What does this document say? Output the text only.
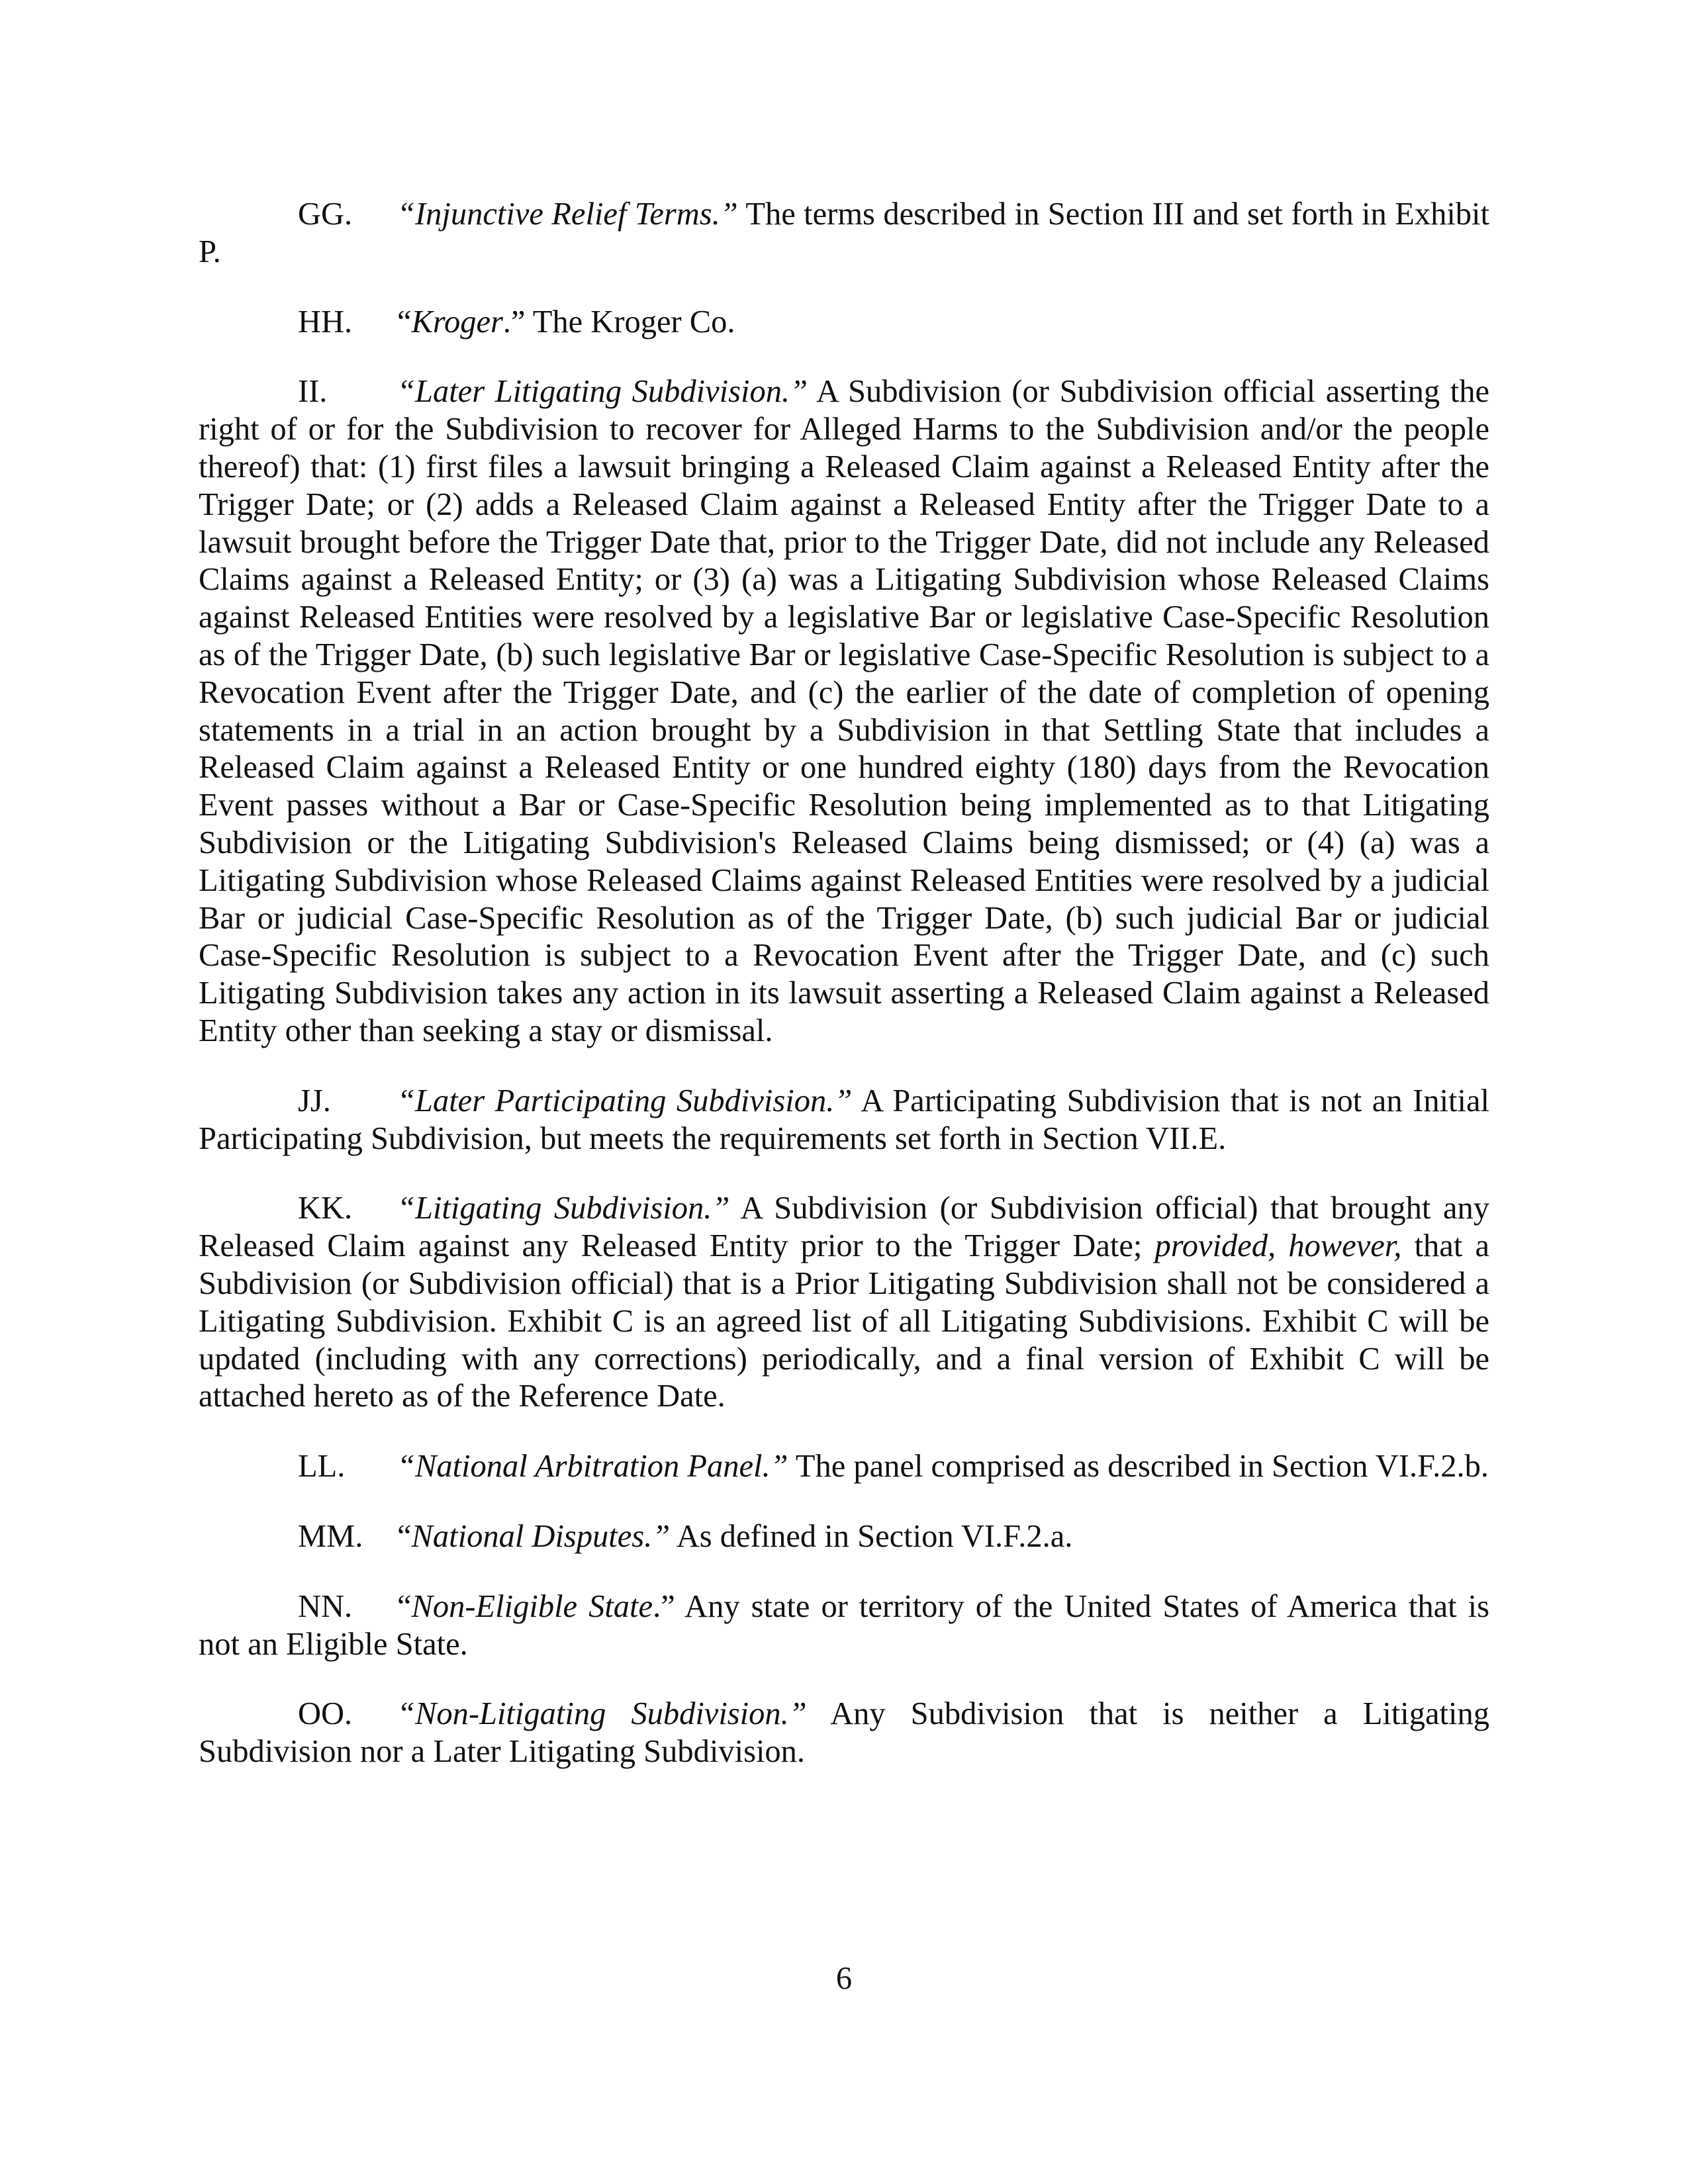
GG. “Injunctive Relief Terms.” The terms described in Section III and set forth in Exhibit P.

HH. “Kroger.” The Kroger Co.

II. “Later Litigating Subdivision.” A Subdivision (or Subdivision official asserting the right of or for the Subdivision to recover for Alleged Harms to the Subdivision and/or the people thereof) that: (1) first files a lawsuit bringing a Released Claim against a Released Entity after the Trigger Date; or (2) adds a Released Claim against a Released Entity after the Trigger Date to a lawsuit brought before the Trigger Date that, prior to the Trigger Date, did not include any Released Claims against a Released Entity; or (3) (a) was a Litigating Subdivision whose Released Claims against Released Entities were resolved by a legislative Bar or legislative Case-Specific Resolution as of the Trigger Date, (b) such legislative Bar or legislative Case-Specific Resolution is subject to a Revocation Event after the Trigger Date, and (c) the earlier of the date of completion of opening statements in a trial in an action brought by a Subdivision in that Settling State that includes a Released Claim against a Released Entity or one hundred eighty (180) days from the Revocation Event passes without a Bar or Case-Specific Resolution being implemented as to that Litigating Subdivision or the Litigating Subdivision's Released Claims being dismissed; or (4) (a) was a Litigating Subdivision whose Released Claims against Released Entities were resolved by a judicial Bar or judicial Case-Specific Resolution as of the Trigger Date, (b) such judicial Bar or judicial Case-Specific Resolution is subject to a Revocation Event after the Trigger Date, and (c) such Litigating Subdivision takes any action in its lawsuit asserting a Released Claim against a Released Entity other than seeking a stay or dismissal.

JJ. “Later Participating Subdivision.” A Participating Subdivision that is not an Initial Participating Subdivision, but meets the requirements set forth in Section VII.E.

KK. “Litigating Subdivision.” A Subdivision (or Subdivision official) that brought any Released Claim against any Released Entity prior to the Trigger Date; provided, however, that a Subdivision (or Subdivision official) that is a Prior Litigating Subdivision shall not be considered a Litigating Subdivision. Exhibit C is an agreed list of all Litigating Subdivisions. Exhibit C will be updated (including with any corrections) periodically, and a final version of Exhibit C will be attached hereto as of the Reference Date.

LL. “National Arbitration Panel.” The panel comprised as described in Section VI.F.2.b.

MM. “National Disputes.” As defined in Section VI.F.2.a.

NN. “Non-Eligible State.” Any state or territory of the United States of America that is not an Eligible State.

OO. “Non-Litigating Subdivision.” Any Subdivision that is neither a Litigating Subdivision nor a Later Litigating Subdivision.

6
